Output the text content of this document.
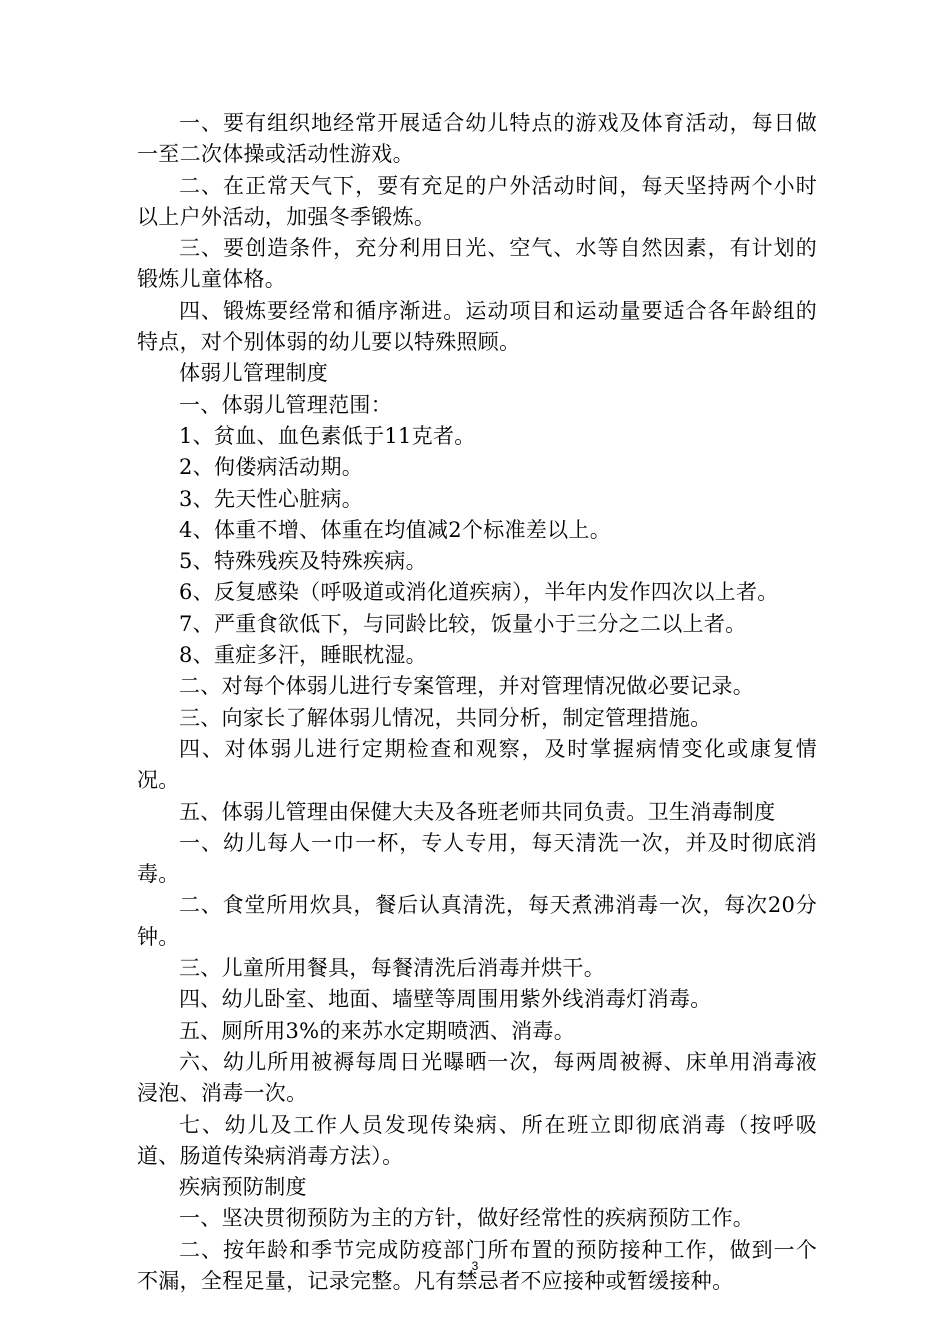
一、要有组织地经常开展适合幼儿特点的游戏及体育活动，每日做一至二次体操或活动性游戏。

二、在正常天气下，要有充足的户外活动时间，每天坚持两个小时以上户外活动，加强冬季锻炼。

三、要创造条件，充分利用日光、空气、水等自然因素，有计划的锻炼儿童体格。

四、锻炼要经常和循序渐进。运动项目和运动量要适合各年龄组的特点，对个别体弱的幼儿要以特殊照顾。

体弱儿管理制度

一、体弱儿管理范围：

1、贫血、血色素低于11克者。

2、佝偻病活动期。

3、先天性心脏病。

4、体重不增、体重在均值减2个标准差以上。

5、特殊残疾及特殊疾病。

6、反复感染（呼吸道或消化道疾病），半年内发作四次以上者。

7、严重食欲低下，与同龄比较，饭量小于三分之二以上者。

8、重症多汗，睡眠枕湿。

二、对每个体弱儿进行专案管理，并对管理情况做必要记录。

三、向家长了解体弱儿情况，共同分析，制定管理措施。

四、对体弱儿进行定期检查和观察，及时掌握病情变化或康复情况。

五、体弱儿管理由保健大夫及各班老师共同负责。卫生消毒制度

一、幼儿每人一巾一杯，专人专用，每天清洗一次，并及时彻底消毒。

二、食堂所用炊具，餐后认真清洗，每天煮沸消毒一次，每次20分钟。

三、儿童所用餐具，每餐清洗后消毒并烘干。

四、幼儿卧室、地面、墙壁等周围用紫外线消毒灯消毒。

五、厕所用3%的来苏水定期喷洒、消毒。

六、幼儿所用被褥每周日光曝晒一次，每两周被褥、床单用消毒液浸泡、消毒一次。

七、幼儿及工作人员发现传染病、所在班立即彻底消毒（按呼吸道、肠道传染病消毒方法）。

疾病预防制度

一、坚决贯彻预防为主的方针，做好经常性的疾病预防工作。

二、按年龄和季节完成防疫部门所布置的预防接种工作，做到一个不漏，全程足量，记录完整。凡有禁忌者不应接种或暂缓接种。

3
